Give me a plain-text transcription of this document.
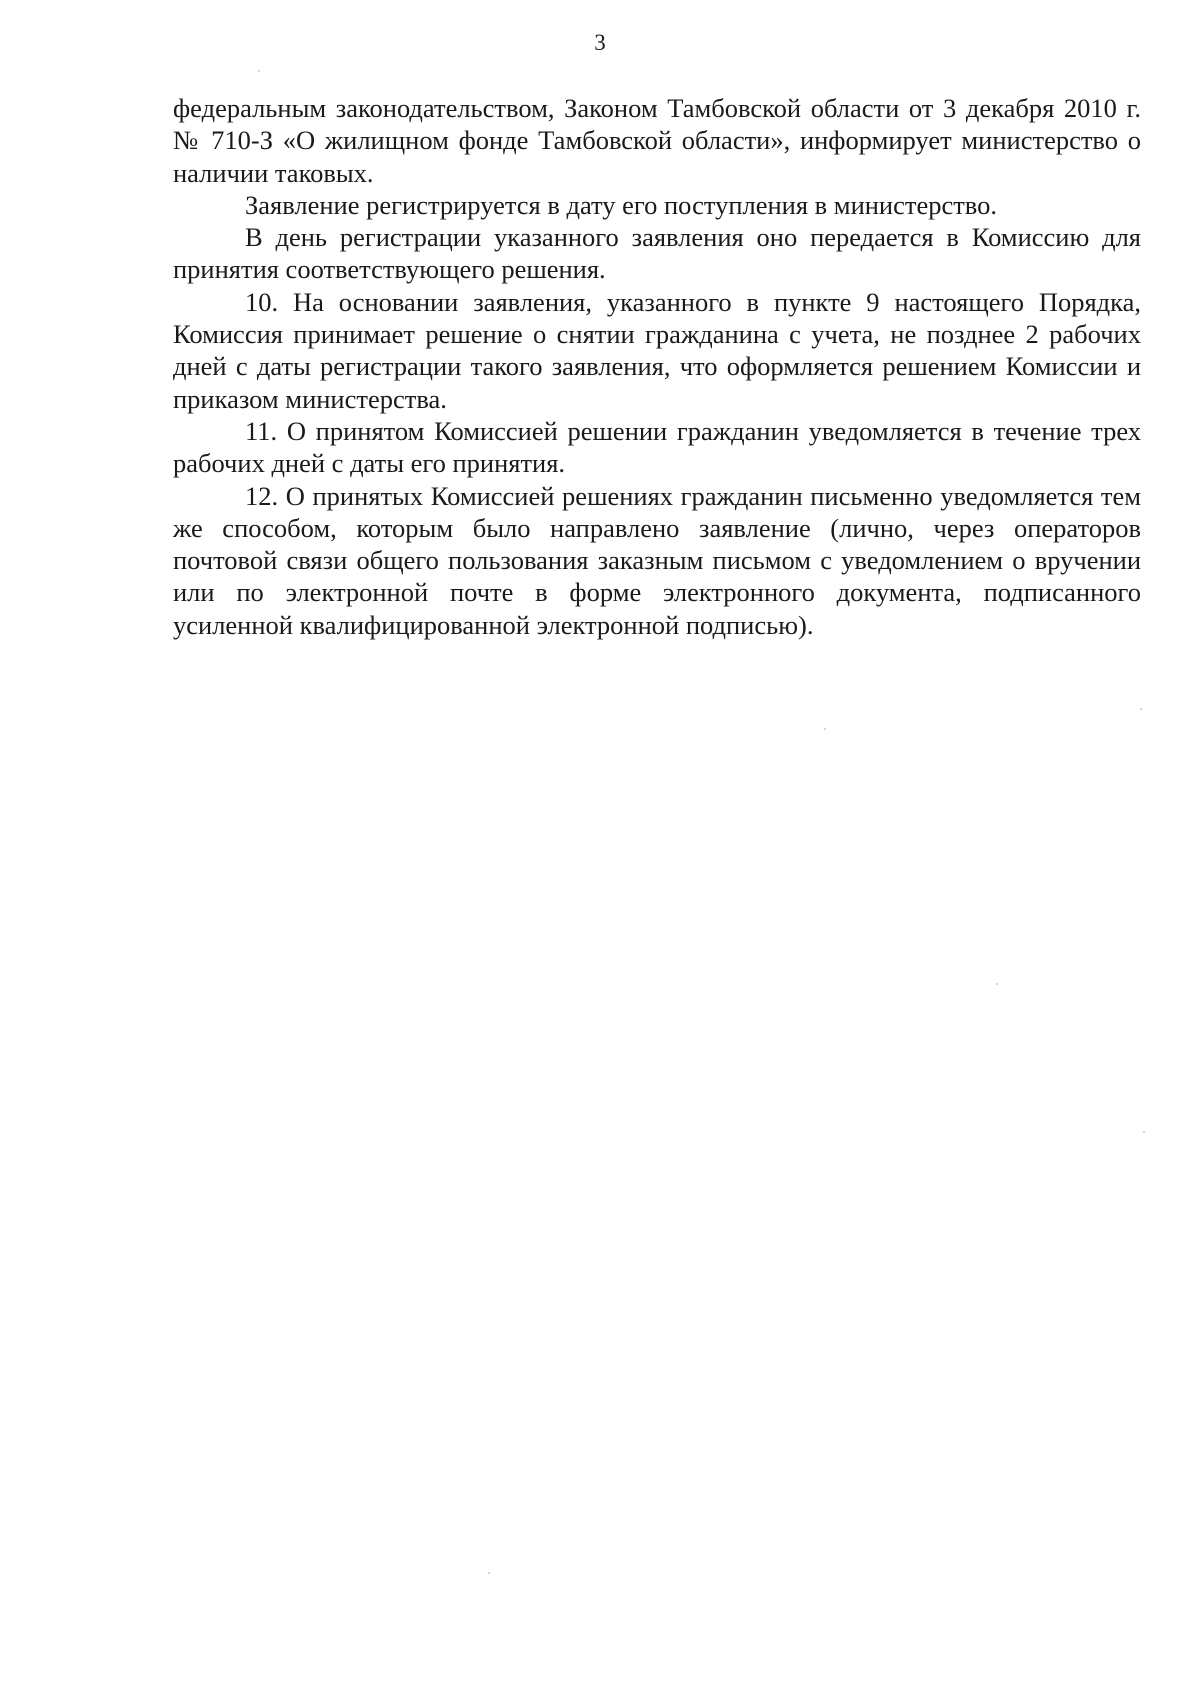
3

федеральным законодательством, Законом Тамбовской области от 3 декабря 2010 г. № 710-З «О жилищном фонде Тамбовской области», информирует министерство о наличии таковых.

Заявление регистрируется в дату его поступления в министерство.

В день регистрации указанного заявления оно передается в Комиссию для принятия соответствующего решения.

10. На основании заявления, указанного в пункте 9 настоящего Порядка, Комиссия принимает решение о снятии гражданина с учета, не позднее 2 рабочих дней с даты регистрации такого заявления, что оформляется решением Комиссии и приказом министерства.

11. О принятом Комиссией решении гражданин уведомляется в течение трех рабочих дней с даты его принятия.

12. О принятых Комиссией решениях гражданин письменно уведомляется тем же способом, которым было направлено заявление (лично, через операторов почтовой связи общего пользования заказным письмом с уведомлением о вручении или по электронной почте в форме электронного документа, подписанного усиленной квалифицированной электронной подписью).
